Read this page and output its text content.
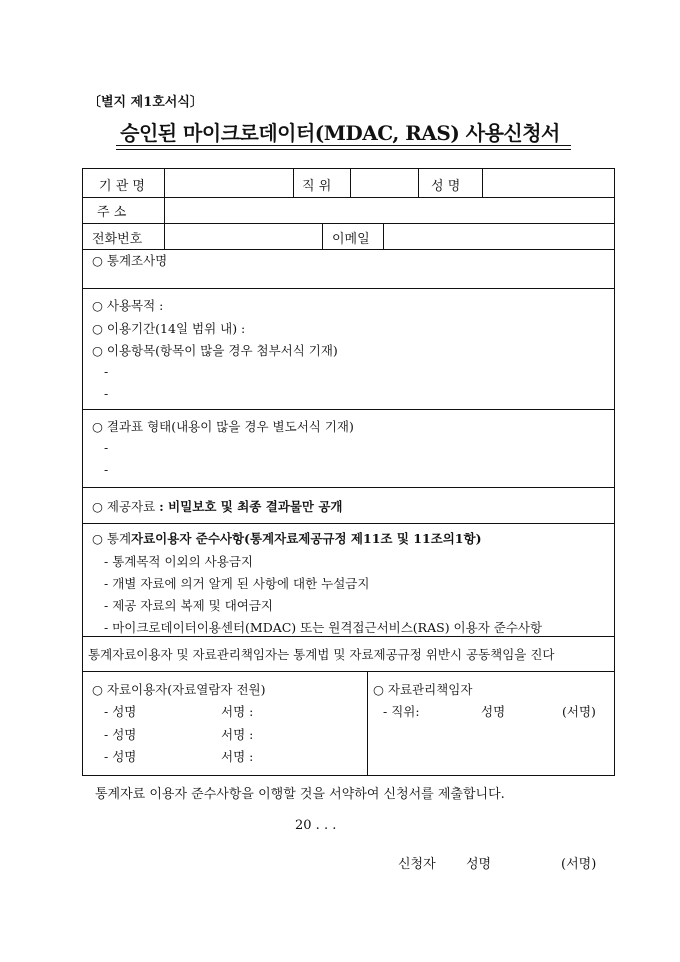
〔별지 제1호서식〕
승인된 마이크로데이터(MDAC, RAS) 사용신청서
기 관 명	직 위	성 명
주 소
전화번호	이메일
○ 통계조사명
○ 사용목적 :
○ 이용기간(14일 범위 내) :
○ 이용항목(항목이 많을 경우 첨부서식 기재)
-
-
○ 결과표 형태(내용이 많을 경우 별도서식 기재)
-
-
○ 제공자료 : 비밀보호 및 최종 결과물만 공개
○ 통계자료이용자 준수사항(통계자료제공규정 제11조 및 11조의1항)
- 통계목적 이외의 사용금지
- 개별 자료에 의거 알게 된 사항에 대한 누설금지
- 제공 자료의 복제 및 대여금지
- 마이크로데이터이용센터(MDAC) 또는 원격접근서비스(RAS) 이용자 준수사항
통계자료이용자 및 자료관리책임자는 통계법 및 자료제공규정 위반시 공동책임을 진다
○ 자료이용자(자료열람자 전원)
- 성명	서명 :
- 성명	서명 :
- 성명	서명 :
○ 자료관리책임자
- 직위:	성명	(서명)
통계자료 이용자 준수사항을 이행할 것을 서약하여 신청서를 제출합니다.
20 . . .
신청자 성명	(서명)
